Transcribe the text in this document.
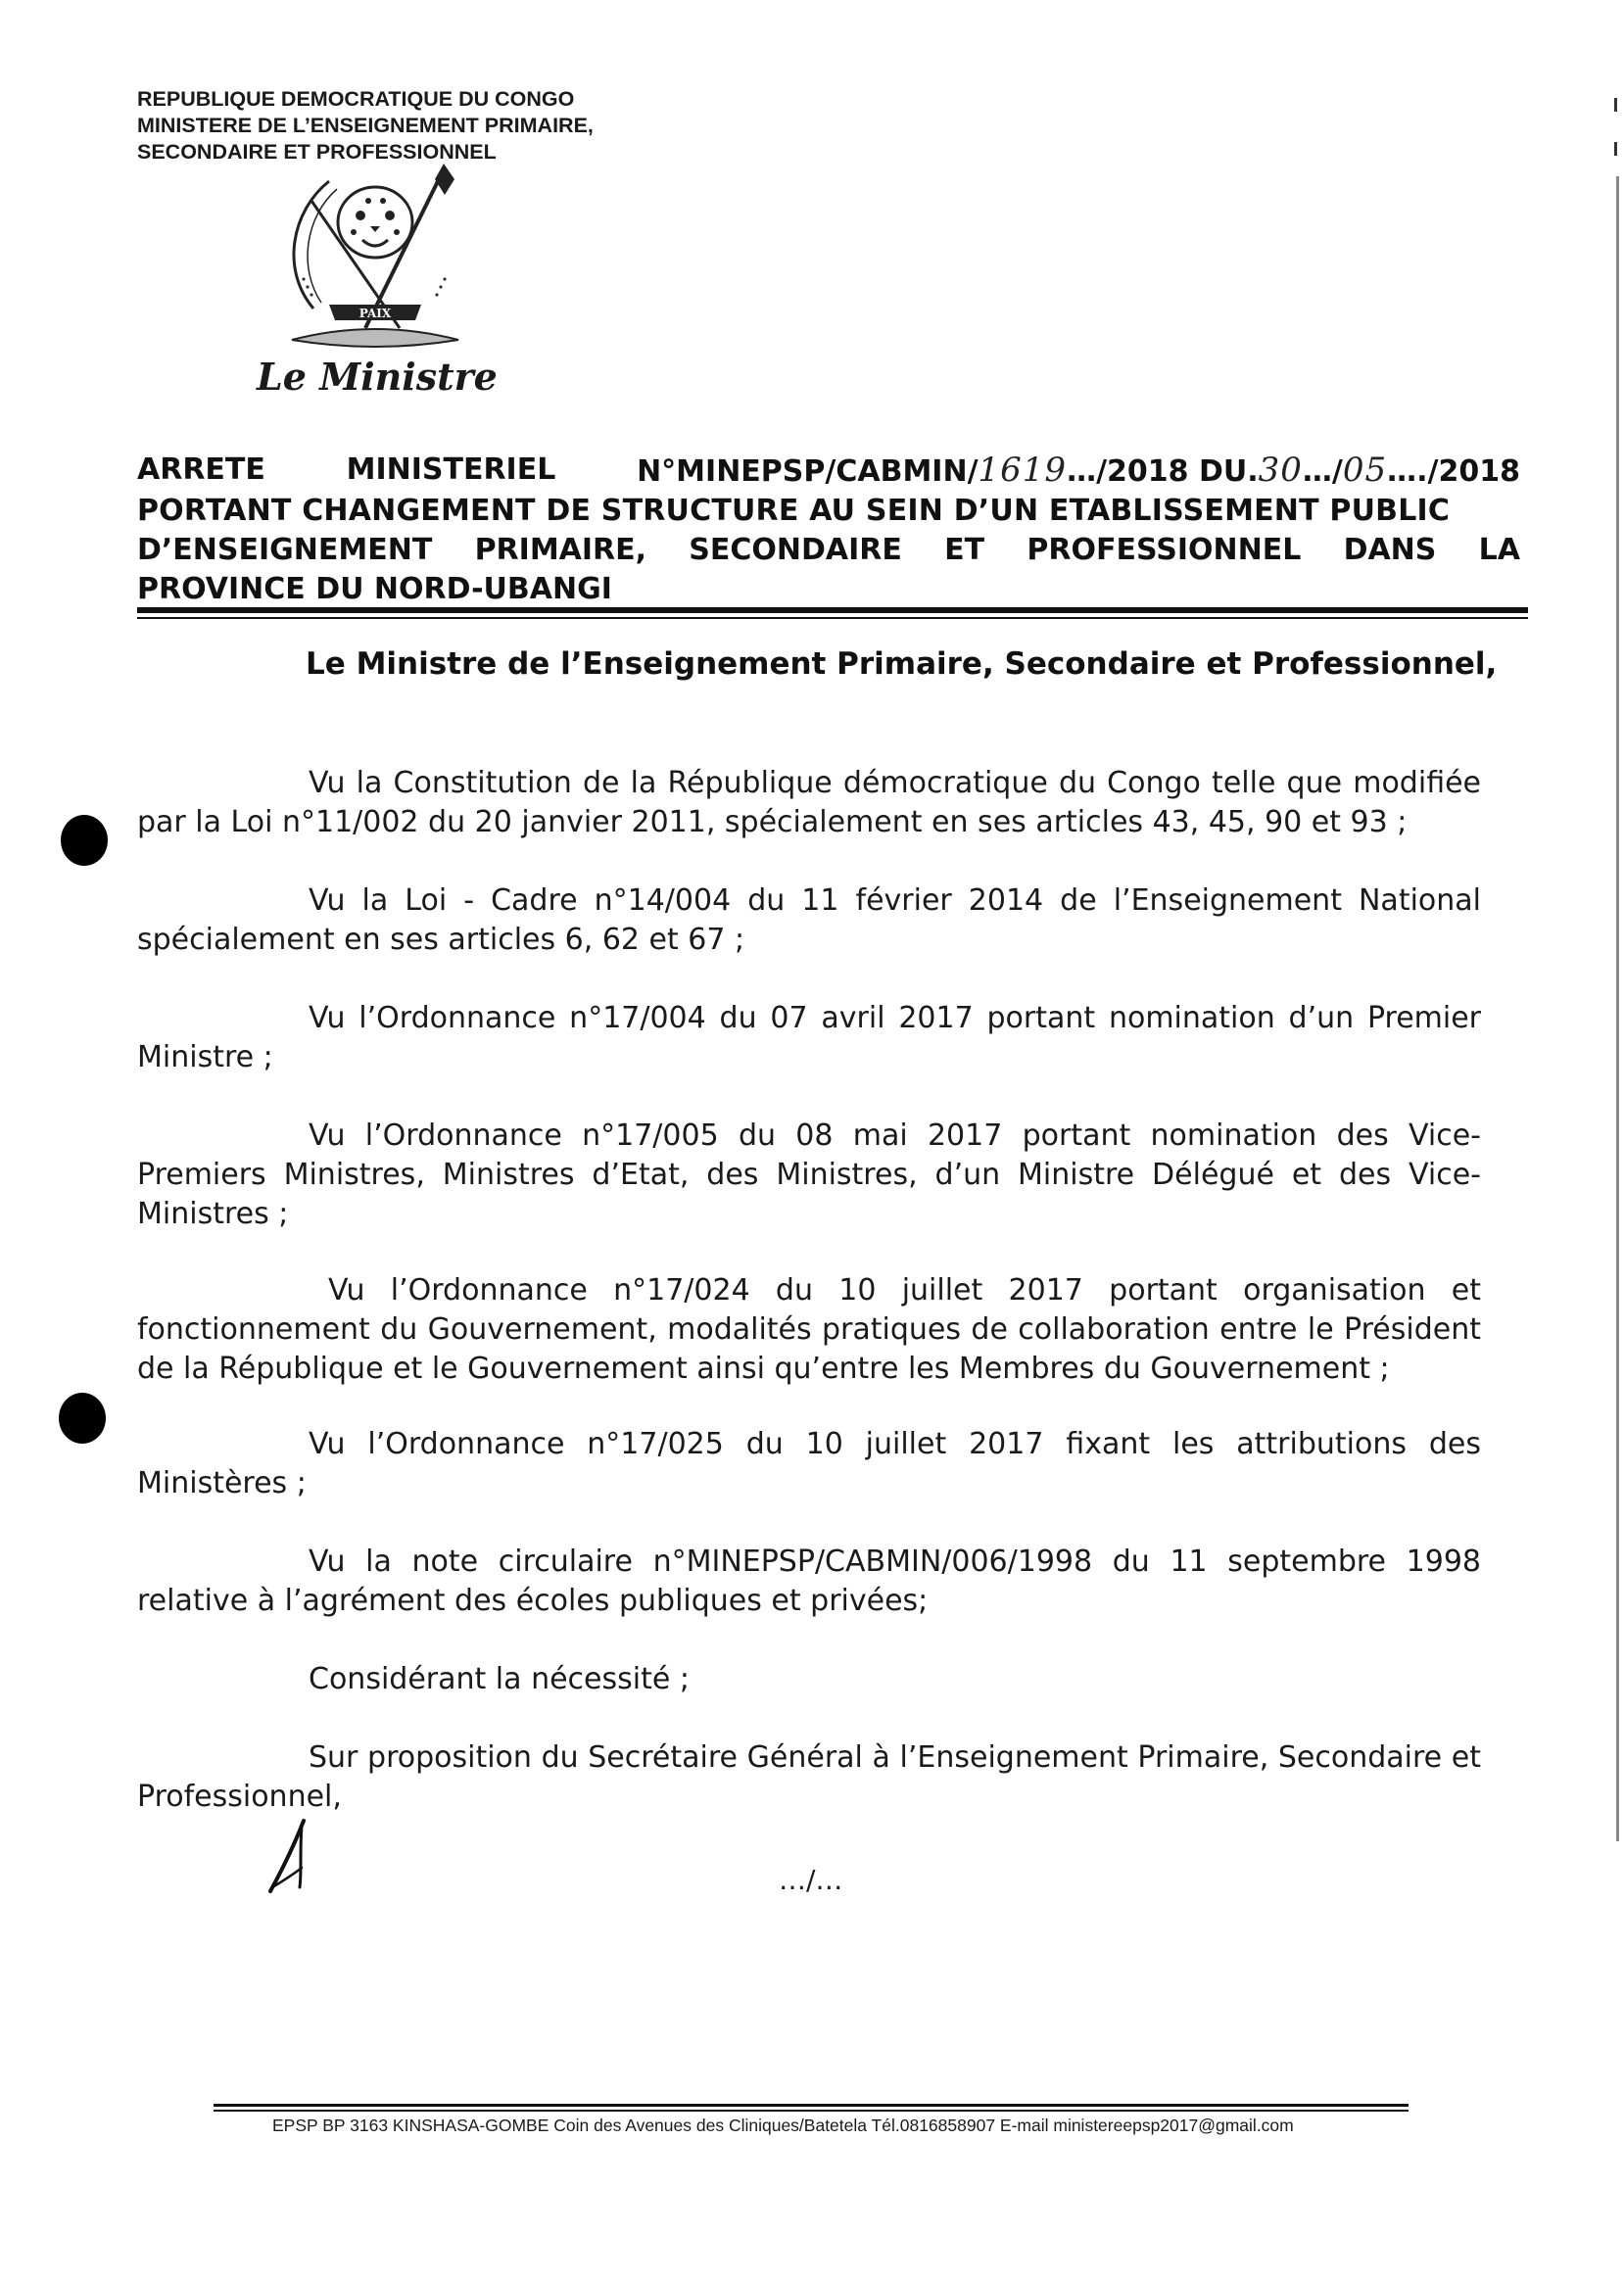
REPUBLIQUE DEMOCRATIQUE DU CONGO
MINISTERE DE L’ENSEIGNEMENT PRIMAIRE,
SECONDAIRE ET PROFESSIONNEL
PAIX
Le Ministre
ARRETE	MINISTERIEL	N°MINEPSP/CABMIN/1619…/2018 DU.30…/05…./2018
PORTANT CHANGEMENT DE STRUCTURE AU SEIN D’UN ETABLISSEMENT PUBLIC
D’ENSEIGNEMENT PRIMAIRE, SECONDAIRE ET PROFESSIONNEL DANS LA
PROVINCE DU NORD-UBANGI
Le Ministre de l’Enseignement Primaire, Secondaire et Professionnel,
Vu la Constitution de la République démocratique du Congo telle que modifiée par la Loi n°11/002 du 20 janvier 2011, spécialement en ses articles 43, 45, 90 et 93 ;
Vu la Loi - Cadre n°14/004 du 11 février 2014 de l’Enseignement National spécialement en ses articles 6, 62 et 67 ;
Vu l’Ordonnance n°17/004 du 07 avril 2017 portant nomination d’un Premier Ministre ;
Vu l’Ordonnance n°17/005 du 08 mai 2017 portant nomination des Vice-Premiers Ministres, Ministres d’Etat, des Ministres, d’un Ministre Délégué et des Vice-Ministres ;
Vu l’Ordonnance n°17/024 du 10 juillet 2017 portant organisation et fonctionnement du Gouvernement, modalités pratiques de collaboration entre le Président de la République et le Gouvernement ainsi qu’entre les Membres du Gouvernement ;
Vu l’Ordonnance n°17/025 du 10 juillet 2017 fixant les attributions des Ministères ;
Vu la note circulaire n°MINEPSP/CABMIN/006/1998 du 11 septembre 1998 relative à l’agrément des écoles publiques et privées;
Considérant la nécessité ;
Sur proposition du Secrétaire Général à l’Enseignement Primaire, Secondaire et Professionnel,
…/…
EPSP BP 3163 KINSHASA-GOMBE Coin des Avenues des Cliniques/Batetela Tél.0816858907 E-mail ministereepsp2017@gmail.com
